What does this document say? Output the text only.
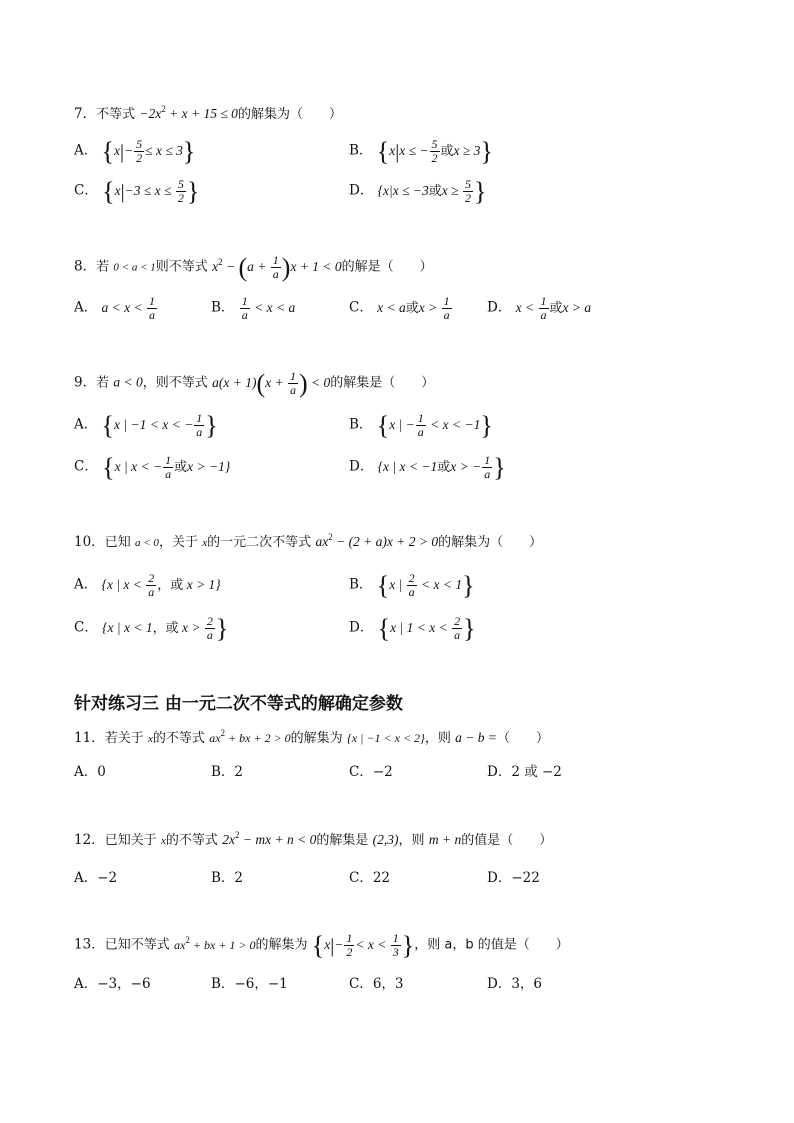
7．不等式 $-2x^2 + x + 15 \le 0$的解集为（　　）
A． $\{x|- \frac{5}{2} \le x \le 3\}$	B． {x|x ≤ − $\frac{5}{2}$ 或x ≥ 3}
C． {$x|-3 \le x \le \frac{5}{2}$ }	D． {x|x ≤ −3或$x \ge \frac{5}{2}$ }
8．若 0 < a < 1则不等式 $x^2 - (a + \frac{1}{a} )x + 1 < 0$的解是（　　）
A． $a < x < \frac{1}{a}$	B． $\frac{1}{a} < x < a$	C． x < a或$x > \frac{1}{a}$	D． $x < \frac{1}{a}$ 或x > a
9．若 a < 0，则不等式 $a(x + 1)(x + \frac{1}{a}$ ) < 0的解集是（　　）
A． {x | −1 < x < − $\frac{1}{a}$ }	B． {x | − $\frac{1}{a} < x < -1$}
C． {x | x < − $\frac{1}{a}$ 或x > −1}	D． {x | x < −1或x > − $\frac{1}{a}$ }
10．已知 a < 0，关于 x的一元二次不等式 $ax^2 - (2 + a)x + 2 > 0$的解集为（　　）
A． {x | $x < \frac{2}{a}$ ，或 x > 1}	B． {x | $\frac{2}{a} < x < 1$}
C． {x | x < 1，或 $x > \frac{2}{a}$ }	D． {x | $1 < x < \frac{2}{a}$ }
针对练习三 由一元二次不等式的解确定参数
11．若关于 x的不等式 $ax^2$ + bx + 2 > 0的解集为 {x | −1 < x < 2}，则 a − b =（　　）
A．0	B．2	C．−2	D．2 或 −2
12．已知关于 x的不等式 $2x^2$ − mx + n < 0的解集是 (2,3)，则 m + n的值是（　　）
A．−2	B．2	C．22	D．−22
13．已知不等式 $ax^2$ + bx + 1 > 0的解集为 {$x|- \frac{1}{2} < x < \frac{1}{3}$ }，则 a，b 的值是（　　）
A．−3，−6	B．−6，−1	C．6，3	D．3，6
